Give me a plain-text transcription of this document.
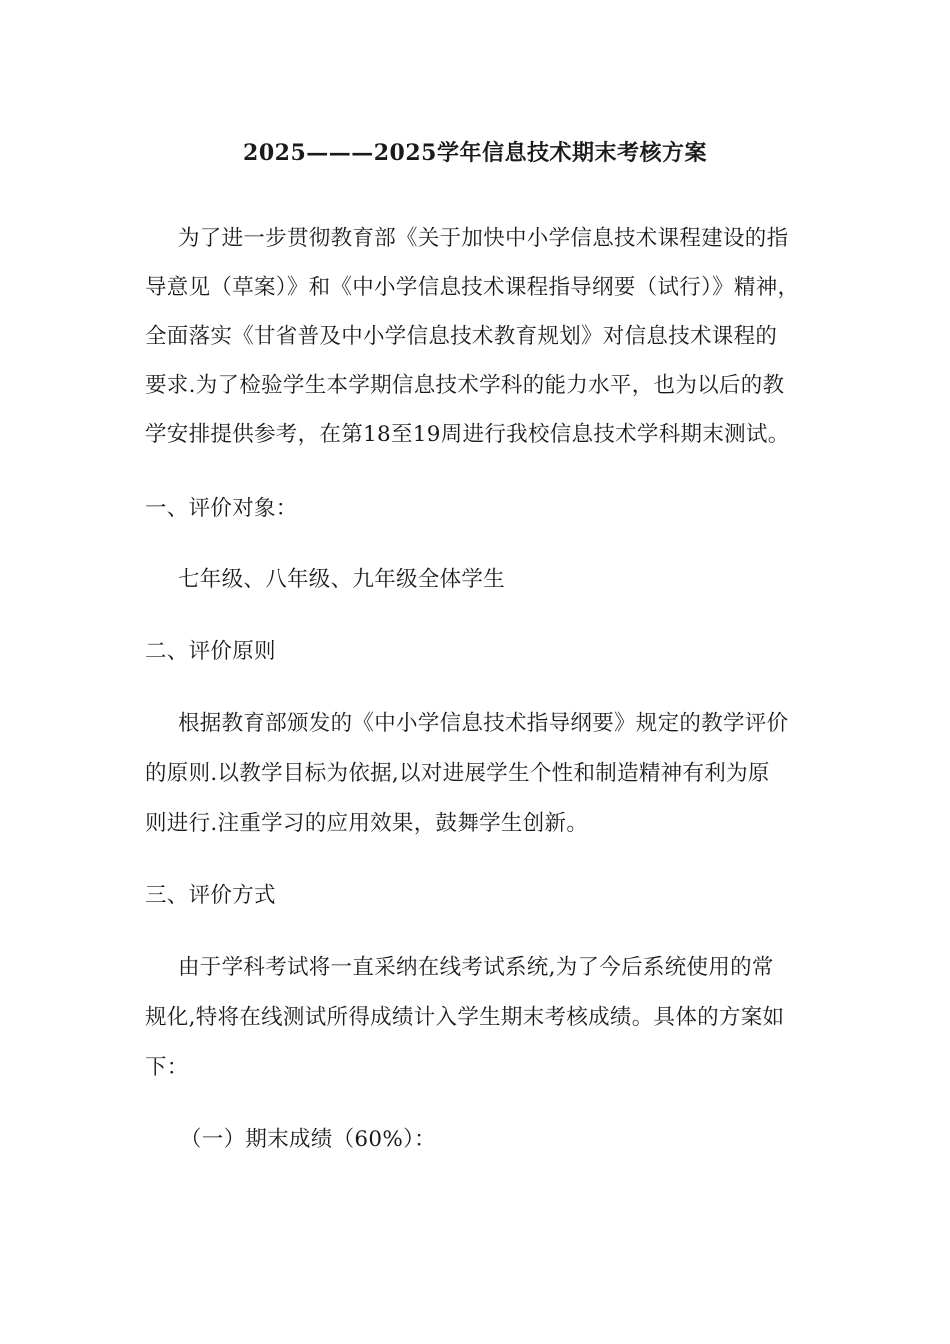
2025———2025学年信息技术期末考核方案
为了进一步贯彻教育部《关于加快中小学信息技术课程建设的指
导意见（草案）》和《中小学信息技术课程指导纲要（试行）》精神，
全面落实《甘省普及中小学信息技术教育规划》对信息技术课程的
要求.为了检验学生本学期信息技术学科的能力水平，也为以后的教
学安排提供参考，在第18至19周进行我校信息技术学科期末测试。
一、评价对象：
七年级、八年级、九年级全体学生
二、评价原则
根据教育部颁发的《中小学信息技术指导纲要》规定的教学评价
的原则.以教学目标为依据,以对进展学生个性和制造精神有利为原
则进行.注重学习的应用效果，鼓舞学生创新。
三、评价方式
由于学科考试将一直采纳在线考试系统,为了今后系统使用的常
规化,特将在线测试所得成绩计入学生期末考核成绩。具体的方案如
下：
（一）期末成绩（60%）：
